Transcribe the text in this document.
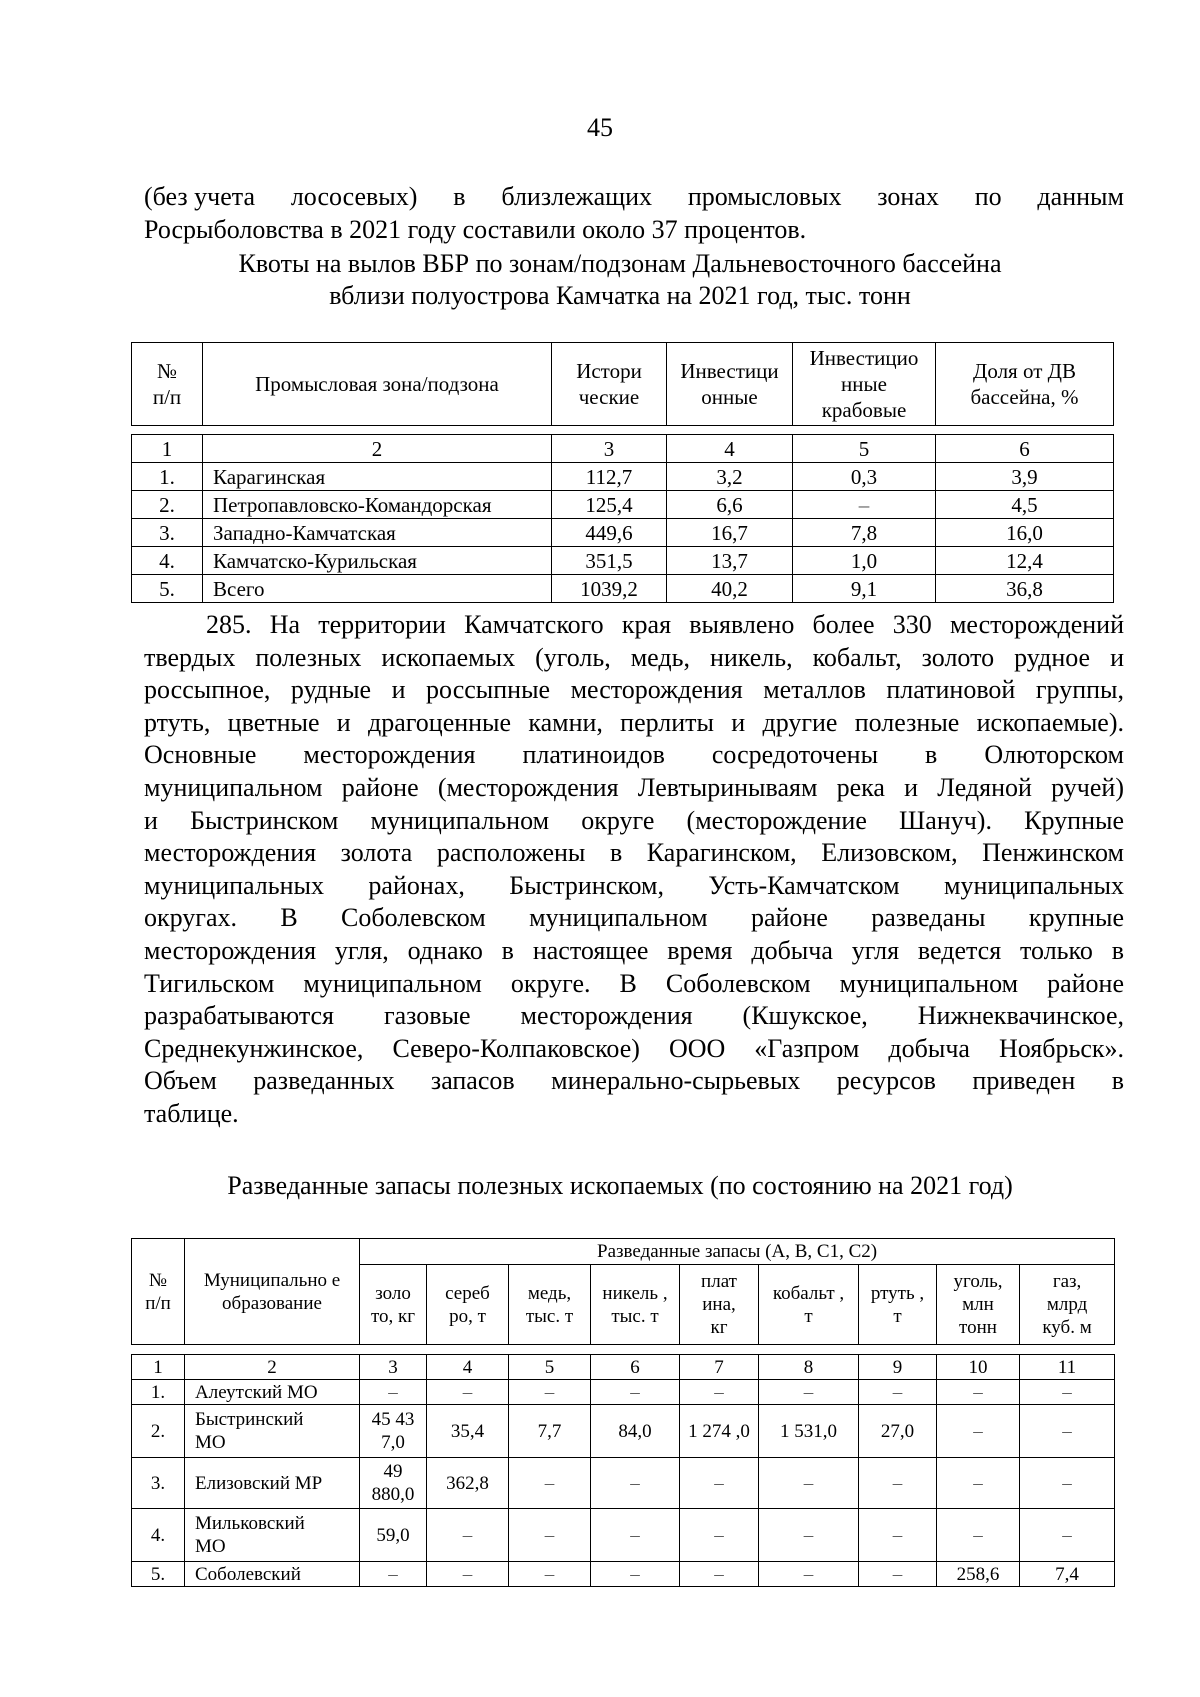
45
(без учета лососевых) в близлежащих промысловых зонах по данным
Росрыболовства в 2021 году составили около 37 процентов.
Квоты на вылов ВБР по зонам/подзонам Дальневосточного бассейна
вблизи полуострова Камчатка на 2021 год, тыс. тонн
№ п/п	Промысловая зона/подзона	Истори ческие	Инвестици онные	Инвестицио нные крабовые	Доля от ДВ бассейна, %
1	2	3	4	5	6
1.	Карагинская	112,7	3,2	0,3	3,9
2.	Петропавловско-Командорская	125,4	6,6	–	4,5
3.	Западно-Камчатская	449,6	16,7	7,8	16,0
4.	Камчатско-Курильская	351,5	13,7	1,0	12,4
5.	Всего	1039,2	40,2	9,1	36,8
285. На территории Камчатского края выявлено более 330 месторождений
твердых полезных ископаемых (уголь, медь, никель, кобальт, золото рудное и
россыпное, рудные и россыпные месторождения металлов платиновой группы,
ртуть, цветные и драгоценные камни, перлиты и другие полезные ископаемые).
Основные месторождения платиноидов сосредоточены в Олюторском
муниципальном районе (месторождения Левтыринываям река и Ледяной ручей)
и Быстринском муниципальном округе (месторождение Шануч). Крупные
месторождения золота расположены в Карагинском, Елизовском, Пенжинском
муниципальных районах, Быстринском, Усть-Камчатском муниципальных
округах. В Соболевском муниципальном районе разведаны крупные
месторождения угля, однако в настоящее время добыча угля ведется только в
Тигильском муниципальном округе. В Соболевском муниципальном районе
разрабатываются газовые месторождения (Кшукское, Нижнеквачинское,
Среднекунжинское, Северо-Колпаковское) ООО «Газпром добыча Ноябрьск».
Объем разведанных запасов минерально-сырьевых ресурсов приведен в
таблице.
Разведанные запасы полезных ископаемых (по состоянию на 2021 год)
№ п/п	Муниципально е образование	Разведанные запасы (А, В, С1, С2)								
		золо то, кг	сереб ро, т	медь, тыс. т	никель , тыс. т	плат ина, кг	кобальт , т	ртуть , т	уголь, млн тонн	газ, млрд куб. м
1	2	3	4	5	6	7	8	9	10	11
1.	Алеутский МО	–	–	–	–	–	–	–	–	–
2.	Быстринский МО	45 43 7,0	35,4	7,7	84,0	1 274 ,0	1 531,0	27,0	–	–
3.	Елизовский МР	49 880,0	362,8	–	–	–	–	–	–	–
4.	Мильковский МО	59,0	–	–	–	–	–	–	–	–
5.	Соболевский	–	–	–	–	–	–	–	258,6	7,4
